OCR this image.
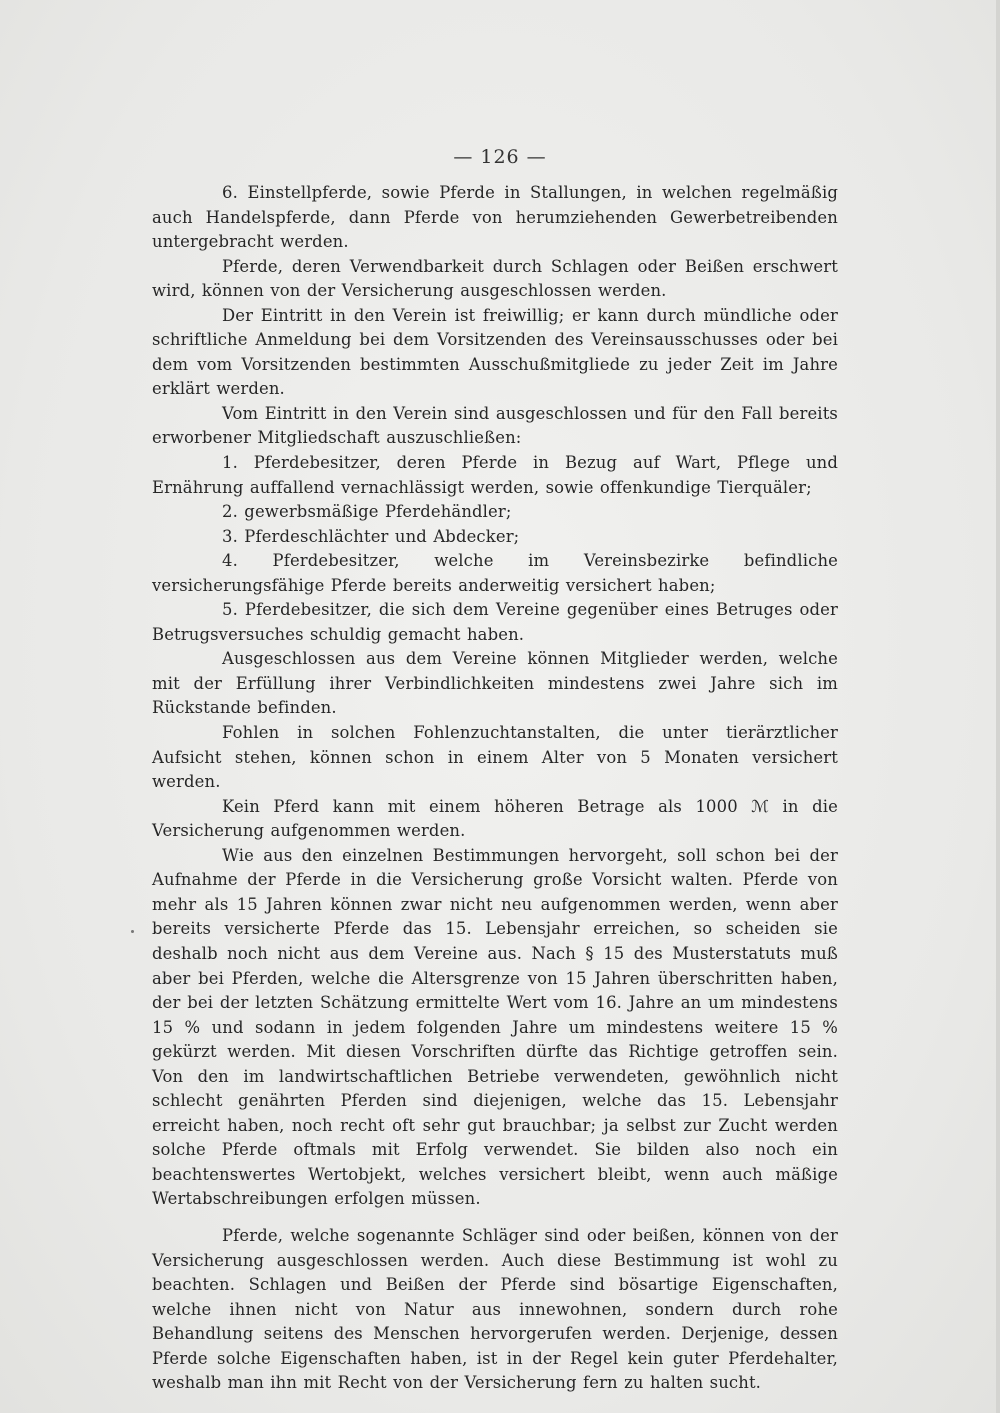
— 126 —

6. Einstellpferde, sowie Pferde in Stallungen, in welchen regelmäßig auch Handelspferde, dann Pferde von herumziehenden Gewerbetreibenden untergebracht werden.

Pferde, deren Verwendbarkeit durch Schlagen oder Beißen erschwert wird, können von der Versicherung ausgeschlossen werden.

Der Eintritt in den Verein ist freiwillig; er kann durch mündliche oder schriftliche Anmeldung bei dem Vorsitzenden des Vereinsausschusses oder bei dem vom Vorsitzenden bestimmten Ausschußmitgliede zu jeder Zeit im Jahre erklärt werden.

Vom Eintritt in den Verein sind ausgeschlossen und für den Fall bereits erworbener Mitgliedschaft auszuschließen:

1. Pferdebesitzer, deren Pferde in Bezug auf Wart, Pflege und Ernährung auffallend vernachlässigt werden, sowie offenkundige Tierquäler;

2. gewerbsmäßige Pferdehändler;

3. Pferdeschlächter und Abdecker;

4. Pferdebesitzer, welche im Vereinsbezirke befindliche versicherungsfähige Pferde bereits anderweitig versichert haben;

5. Pferdebesitzer, die sich dem Vereine gegenüber eines Betruges oder Betrugsversuches schuldig gemacht haben.

Ausgeschlossen aus dem Vereine können Mitglieder werden, welche mit der Erfüllung ihrer Verbindlichkeiten mindestens zwei Jahre sich im Rückstande befinden.

Fohlen in solchen Fohlenzuchtanstalten, die unter tierärztlicher Aufsicht stehen, können schon in einem Alter von 5 Monaten versichert werden.

Kein Pferd kann mit einem höheren Betrage als 1000 ℳ in die Versicherung aufgenommen werden.

Wie aus den einzelnen Bestimmungen hervorgeht, soll schon bei der Aufnahme der Pferde in die Versicherung große Vorsicht walten. Pferde von mehr als 15 Jahren können zwar nicht neu aufgenommen werden, wenn aber bereits versicherte Pferde das 15. Lebensjahr erreichen, so scheiden sie deshalb noch nicht aus dem Vereine aus. Nach § 15 des Musterstatuts muß aber bei Pferden, welche die Altersgrenze von 15 Jahren überschritten haben, der bei der letzten Schätzung ermittelte Wert vom 16. Jahre an um mindestens 15 % und sodann in jedem folgenden Jahre um mindestens weitere 15 % gekürzt werden. Mit diesen Vorschriften dürfte das Richtige getroffen sein. Von den im landwirtschaftlichen Betriebe verwendeten, gewöhnlich nicht schlecht genährten Pferden sind diejenigen, welche das 15. Lebensjahr erreicht haben, noch recht oft sehr gut brauchbar; ja selbst zur Zucht werden solche Pferde oftmals mit Erfolg verwendet. Sie bilden also noch ein beachtenswertes Wertobjekt, welches versichert bleibt, wenn auch mäßige Wertabschreibungen erfolgen müssen.

Pferde, welche sogenannte Schläger sind oder beißen, können von der Versicherung ausgeschlossen werden. Auch diese Bestimmung ist wohl zu beachten. Schlagen und Beißen der Pferde sind bösartige Eigenschaften, welche ihnen nicht von Natur aus innewohnen, sondern durch rohe Behandlung seitens des Menschen hervorgerufen werden. Derjenige, dessen Pferde solche Eigenschaften haben, ist in der Regel kein guter Pferdehalter, weshalb man ihn mit Recht von der Versicherung fern zu halten sucht.
